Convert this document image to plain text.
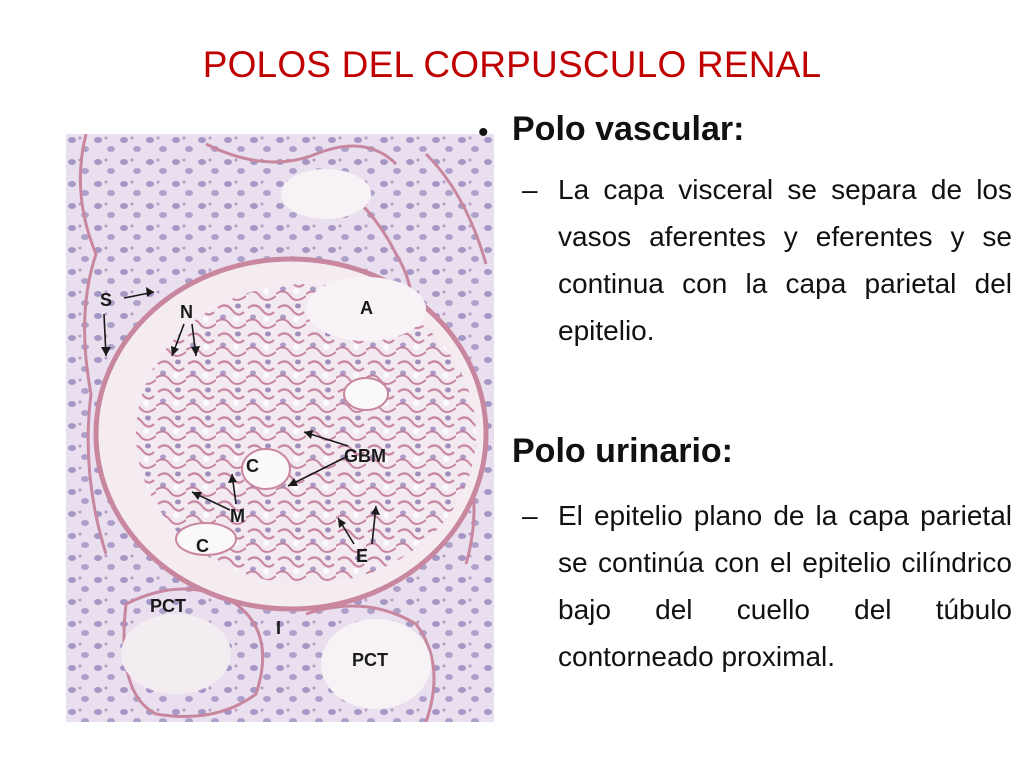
POLOS DEL CORPUSCULO RENAL
S
N	A
C	GBM
M
C	E
PCT
I
PCT
• Polo vascular:
– La capa visceral se separa de los vasos aferentes y eferentes y se continua con la capa parietal del epitelio.
Polo urinario:
– El epitelio plano de la capa parietal se continúa con el epitelio cilíndrico bajo del cuello del túbulo contorneado proximal.
